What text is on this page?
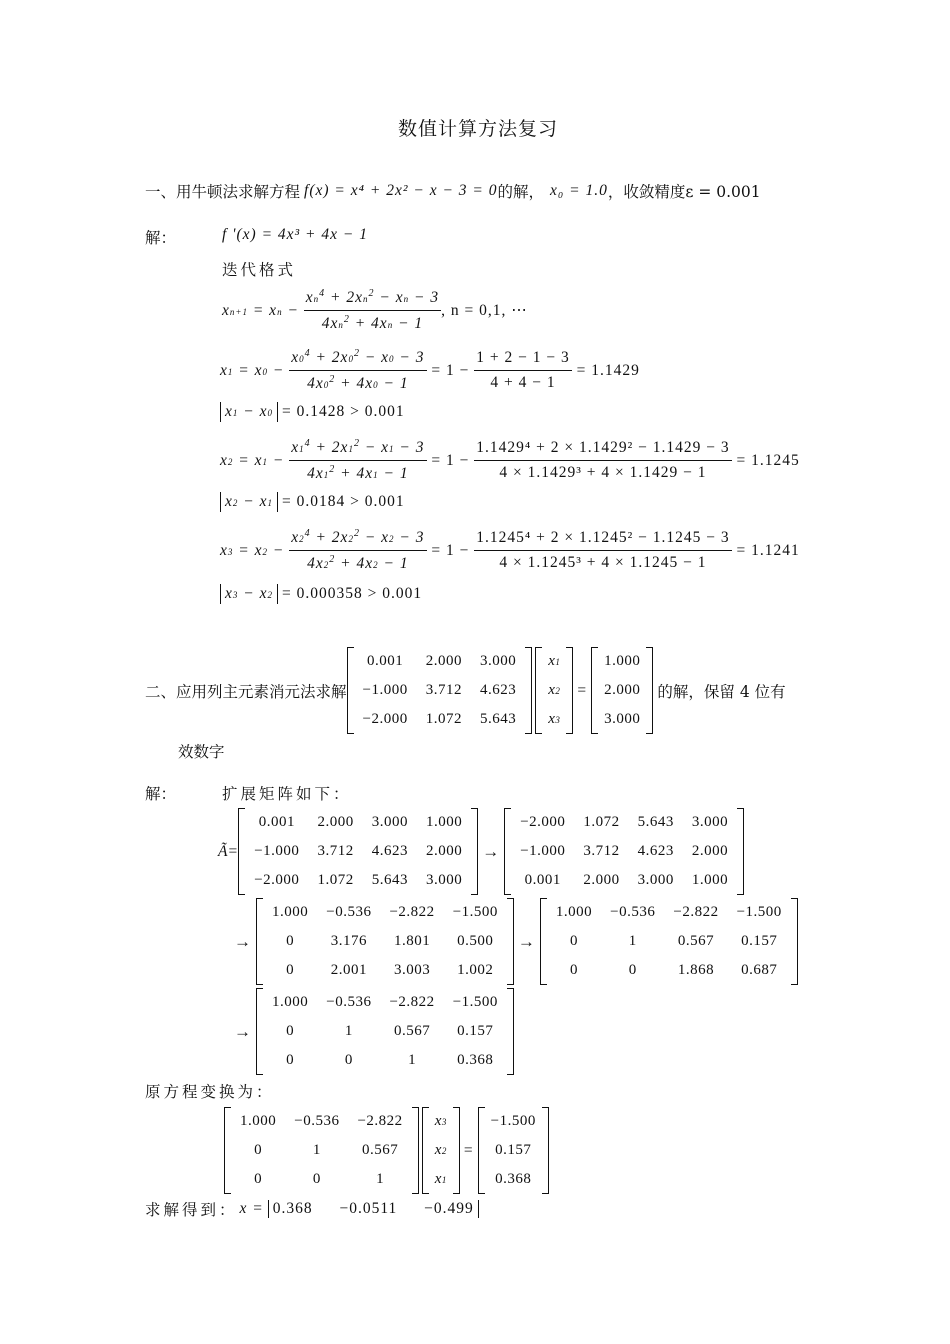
数值计算方法复习
一、用牛顿法求解方程 f(x) = x⁴ + 2x² − x − 3 = 0 的解， x₀ = 1.0 ，收敛精度ε = 0.001
解：	f '(x) = 4x³ + 4x − 1
迭代格式
xn+1 = xn − $\frac{xn^4 + 2xn^2 - xn - 3}{4xn^2 + 4xn - 1}$ , n = 0,1, ⋯
$x1 = x0 - \frac{x0^4 + 2x0^2 - x0 - 3}{4x0^2 + 4x0 - 1} = 1 - \frac{1 + 2 - 1 - 3}{4 + 4 - 1}$
= 1.1429
x1 − x0 = 0.1428 > 0.001
$x2 = x1 - \frac{x1^4 + 2x1^2 - x1 - 3}{4x1^2 + 4x1 - 1} = 1 - \frac{\text{1.1429⁴ + 2 × 1.1429² − 1.1429 − 3}}{\text{4 × 1.1429³ + 4 × 1.1429 − 1}}$
= 1.1245
x2 − x1 = 0.0184 > 0.001
$x3 = x2 - \frac{x2^4 + 2x2^2 - x2 - 3}{4x2^2 + 4x2 - 1} = 1 - \frac{\text{1.1245⁴ + 2 × 1.1245² − 1.1245 − 3}}{\text{4 × 1.1245³ + 4 × 1.1245 − 1}}$
= 1.1241
x3 − x2 = 0.000358 > 0.001
二、应用列主元素消元法求解
0.001	2.000	3.000
−1.000	3.712	4.623
−2.000	1.072	5.643
x1
x2
x3
=
1.000
2.000
3.000
的解，保留 4 位有
效数字
解：	扩展矩阵如下：
Ã =
0.001	2.000	3.000	1.000
−1.000	3.712	4.623	2.000
−2.000	1.072	5.643	3.000
→
−2.000	1.072	5.643	3.000
−1.000	3.712	4.623	2.000
0.001	2.000	3.000	1.000
→
1.000	−0.536	−2.822	−1.500
0	3.176	1.801	0.500
0	2.001	3.003	1.002
→
1.000	−0.536	−2.822	−1.500
0	1	0.567	0.157
0	0	1.868	0.687
→
1.000	−0.536	−2.822	−1.500
0	1	0.567	0.157
0	0	1	0.368
原方程变换为：
1.000	−0.536	−2.822
0	1	0.567
0	0	1
x3
x2
x1
=
−1.500
0.157
0.368
求解得到： x = 0.368 −0.0511 −0.499
